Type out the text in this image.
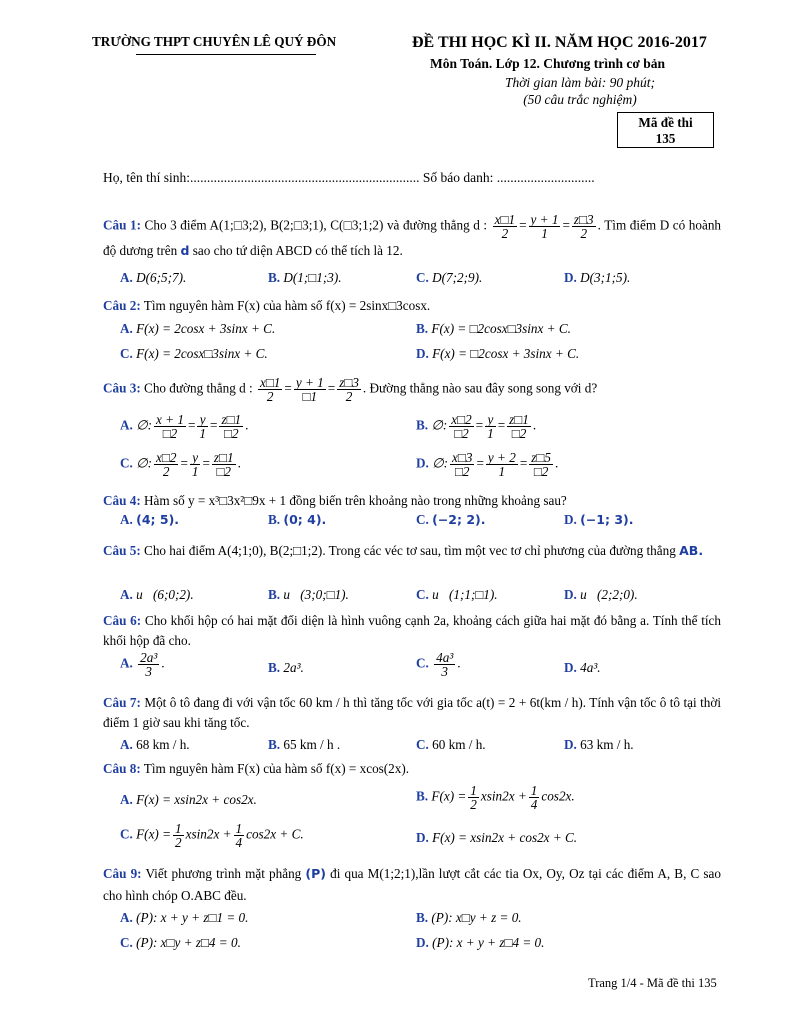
TRƯỜNG THPT CHUYÊN LÊ QUÝ ĐÔN	ĐỀ THI HỌC KÌ II. NĂM HỌC 2016-2017
Môn Toán. Lớp 12. Chương trình cơ bản
Thời gian làm bài: 90 phút;
(50 câu trắc nghiệm)
Mã đề thi
135
Họ, tên thí sinh:.................................................................... Số báo danh: .............................
Câu 1: Cho 3 điểm A(1;□3;2), B(2;□3;1), C(□3;1;2) và đường thẳng d : $\frac{x□1}{2} = \frac{y + 1}{1} = \frac{z□3}{2}$ . Tìm điểm D có hoành độ dương trên d sao cho tứ diện ABCD có thể tích là 12.
A. D(6;5;7).	B. D(1;□1;3).	C. D(7;2;9).	D. D(3;1;5).
Câu 2: Tìm nguyên hàm F(x) của hàm số f(x) = 2sinx□3cosx.
A. F(x) = 2cosx + 3sinx + C.	B. F(x) = □2cosx□3sinx + C.
C. F(x) = 2cosx□3sinx + C.	D. F(x) = □2cosx + 3sinx + C.
Câu 3: Cho đường thẳng d : $\frac{x□1}{2} = \frac{y + 1}{□1} = \frac{z□3}{2}$ . Đường thẳng nào sau đây song song với d?
A. ∅: $\frac{x + 1}{□2} = \frac{y}{1} = \frac{z□1}{□2}$ .	B. ∅: $\frac{x□2}{□2} = \frac{y}{1} = \frac{z□1}{□2}$ .
C. ∅: $\frac{x□2}{2} = \frac{y}{1} = \frac{z□1}{□2}$ .	D. ∅: $\frac{x□3}{□2} = \frac{y + 2}{1} = \frac{z□5}{□2}$ .
Câu 4: Hàm số y = x³□3x²□9x + 1 đồng biến trên khoảng nào trong những khoảng sau?
A. (4; 5).	B. (0; 4).	C. (−2; 2).	D. (−1; 3).
Câu 5: Cho hai điểm A(4;1;0), B(2;□1;2). Trong các véc tơ sau, tìm một vec tơ chỉ phương của đường thẳng AB.
A. u⃗(6;0;2).	B. u⃗(3;0;□1).	C. u⃗(1;1;□1).	D. u⃗(2;2;0).
Câu 6: Cho khối hộp có hai mặt đối diện là hình vuông cạnh 2a, khoảng cách giữa hai mặt đó bằng a. Tính thể tích khối hộp đã cho.
A. $\frac{\text{2a³}}{3}$ .	B. 2a³.	C. $\frac{\text{4a³}}{3}$ .	D. 4a³.
Câu 7: Một ô tô đang đi với vận tốc 60 km / h thì tăng tốc với gia tốc a(t) = 2 + 6t(km / h). Tính vận tốc ô tô tại thời điểm 1 giờ sau khi tăng tốc.
A. 68 km / h.	B. 65 km / h .	C. 60 km / h.	D. 63 km / h.
Câu 8: Tìm nguyên hàm F(x) của hàm số f(x) = xcos(2x).
A. F(x) = xsin2x + cos2x.	B. $F(x) = \frac{1}{2} xsin2x + \frac{1}{4} \cos 2x$.
C. $F(x) = \frac{1}{2} xsin2x + \frac{1}{4} \cos 2x + C$.	D. F(x) = xsin2x + cos2x + C.
Câu 9: Viết phương trình mặt phẳng (P) đi qua M(1;2;1),lần lượt cắt các tia Ox, Oy, Oz tại các điểm A, B, C sao cho hình chóp O.ABC đều.
A. (P): x + y + z□1 = 0.	B. (P): x□y + z = 0.
C. (P): x□y + z□4 = 0.	D. (P): x + y + z□4 = 0.
Trang 1/4 - Mã đề thi 135
